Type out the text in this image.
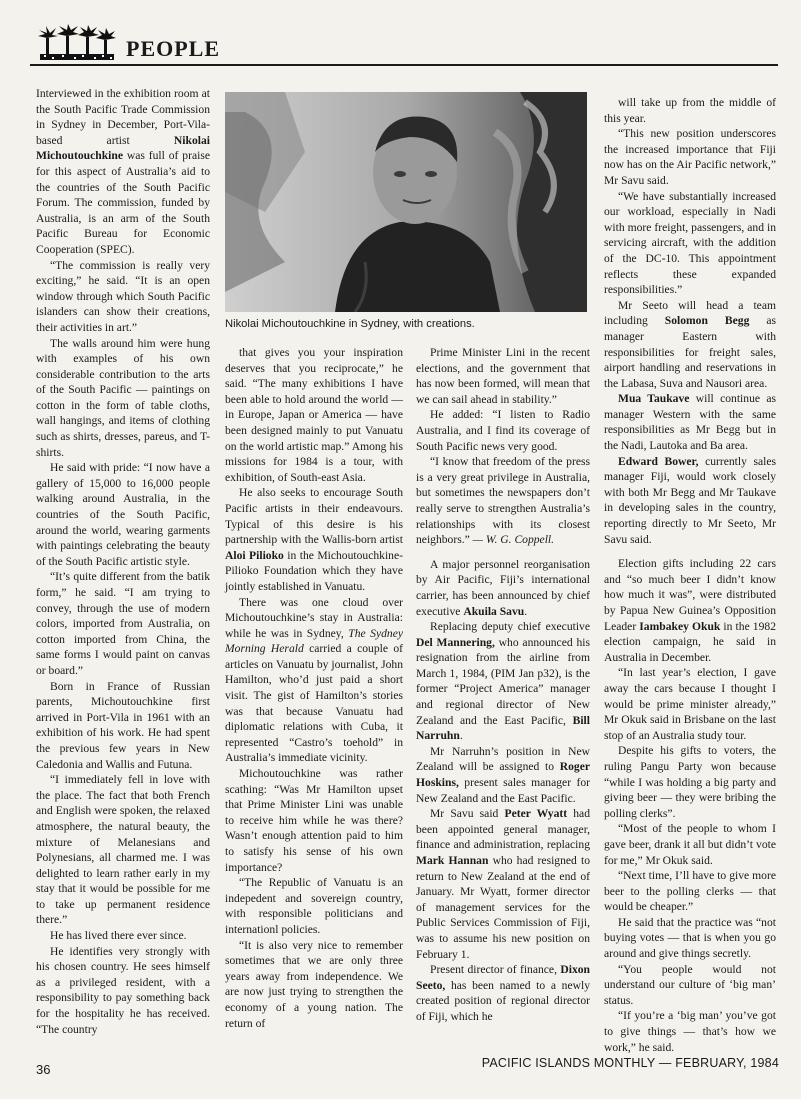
PEOPLE
Nikolai Michoutouchkine in Sydney, with creations.

Interviewed in the exhibition room at the South Pacific Trade Commission in Sydney in December, Port-Vila-based artist Nikolai Michoutouchkine was full of praise for this aspect of Australia’s aid to the countries of the South Pacific Forum. The commission, funded by Australia, is an arm of the South Pacific Bureau for Economic Cooperation (SPEC).

“The commission is really very exciting,” he said. “It is an open window through which South Pacific islanders can show their creations, their activities in art.”

The walls around him were hung with examples of his own considerable contribution to the arts of the South Pacific — paintings on cotton in the form of table cloths, wall hangings, and items of clothing such as shirts, dresses, pareus, and T-shirts.

He said with pride: “I now have a gallery of 15,000 to 16,000 people walking around Australia, in the countries of the South Pacific, around the world, wearing garments with paintings celebrating the beauty of the South Pacific artistic style.

“It’s quite different from the batik form,” he said. “I am trying to convey, through the use of modern colors, imported from Australia, on cotton imported from China, the same forms I would paint on canvas or board.”

Born in France of Russian parents, Michoutouchkine first arrived in Port-Vila in 1961 with an exhibition of his work. He had spent the previous few years in New Caledonia and Wallis and Futuna.

“I immediately fell in love with the place. The fact that both French and English were spoken, the relaxed atmosphere, the natural beauty, the mixture of Melanesians and Polynesians, all charmed me. I was delighted to learn rather early in my stay that it would be possible for me to take up permanent residence there.”

He has lived there ever since.

He identifies very strongly with his chosen country. He sees himself as a privileged resident, with a responsibility to pay something back for the hospitality he has received. “The country

that gives you your inspiration deserves that you reciprocate,” he said. “The many exhibitions I have been able to hold around the world — in Europe, Japan or America — have been designed mainly to put Vanuatu on the world artistic map.” Among his missions for 1984 is a tour, with exhibition, of South-east Asia.

He also seeks to encourage South Pacific artists in their endeavours. Typical of this desire is his partnership with the Wallis-born artist Aloi Pilioko in the Michoutouchkine-Pilioko Foundation which they have jointly established in Vanuatu.

There was one cloud over Michoutouchkine’s stay in Australia: while he was in Sydney, The Sydney Morning Herald carried a couple of articles on Vanuatu by journalist, John Hamilton, who’d just paid a short visit. The gist of Hamilton’s stories was that because Vanuatu had diplomatic relations with Cuba, it represented “Castro’s toehold” in Australia’s immediate vicinity.

Michoutouchkine was rather scathing: “Was Mr Hamilton upset that Prime Minister Lini was unable to receive him while he was there? Wasn’t enough attention paid to him to satisfy his sense of his own importance?

“The Republic of Vanuatu is an indepedent and sovereign country, with responsible politicians and internationl policies.

“It is also very nice to remember sometimes that we are only three years away from independence. We are now just trying to strengthen the economy of a young nation. The return of

Prime Minister Lini in the recent elections, and the government that has now been formed, will mean that we can sail ahead in stability.”

He added: “I listen to Radio Australia, and I find its coverage of South Pacific news very good.

“I know that freedom of the press is a very great privilege in Australia, but sometimes the newspapers don’t really serve to strengthen Australia’s relationships with its closest neighbors.” — W. G. Coppell.

A major personnel reorganisation by Air Pacific, Fiji’s international carrier, has been announced by chief executive Akuila Savu.

Replacing deputy chief executive Del Mannering, who announced his resignation from the airline from March 1, 1984, (PIM Jan p32), is the former “Project America” manager and regional director of New Zealand and the East Pacific, Bill Narruhn.

Mr Narruhn’s position in New Zealand will be assigned to Roger Hoskins, present sales manager for New Zealand and the East Pacific.

Mr Savu said Peter Wyatt had been appointed general manager, finance and administration, replacing Mark Hannan who had resigned to return to New Zealand at the end of January. Mr Wyatt, former director of management services for the Public Services Commission of Fiji, was to assume his new position on February 1.

Present director of finance, Dixon Seeto, has been named to a newly created position of regional director of Fiji, which he

will take up from the middle of this year.

“This new position underscores the increased importance that Fiji now has on the Air Pacific network,” Mr Savu said.

“We have substantially increased our workload, especially in Nadi with more freight, passengers, and in servicing aircraft, with the addition of the DC-10. This appointment reflects these expanded responsibilities.”

Mr Seeto will head a team including Solomon Begg as manager Eastern with responsibilities for freight sales, airport handling and reservations in the Labasa, Suva and Nausori area.

Mua Taukave will continue as manager Western with the same responsibilities as Mr Begg but in the Nadi, Lautoka and Ba area.

Edward Bower, currently sales manager Fiji, would work closely with both Mr Begg and Mr Taukave in developing sales in the country, reporting directly to Mr Seeto, Mr Savu said.

Election gifts including 22 cars and “so much beer I didn’t know how much it was”, were distributed by Papua New Guinea’s Opposition Leader Iambakey Okuk in the 1982 election campaign, he said in Australia in December.

“In last year’s election, I gave away the cars because I thought I would be prime minister already,” Mr Okuk said in Brisbane on the last stop of an Australia study tour.

Despite his gifts to voters, the ruling Pangu Party won because “while I was holding a big party and giving beer — they were bribing the polling clerks”.

“Most of the people to whom I gave beer, drank it all but didn’t vote for me,” Mr Okuk said.

“Next time, I’ll have to give more beer to the polling clerks — that would be cheaper.”

He said that the practice was “not buying votes — that is when you go around and give things secretly.

“You people would not understand our culture of ‘big man’ status.

“If you’re a ‘big man’ you’ve got to give things — that’s how we work,” he said.

36	PACIFIC ISLANDS MONTHLY — FEBRUARY, 1984
